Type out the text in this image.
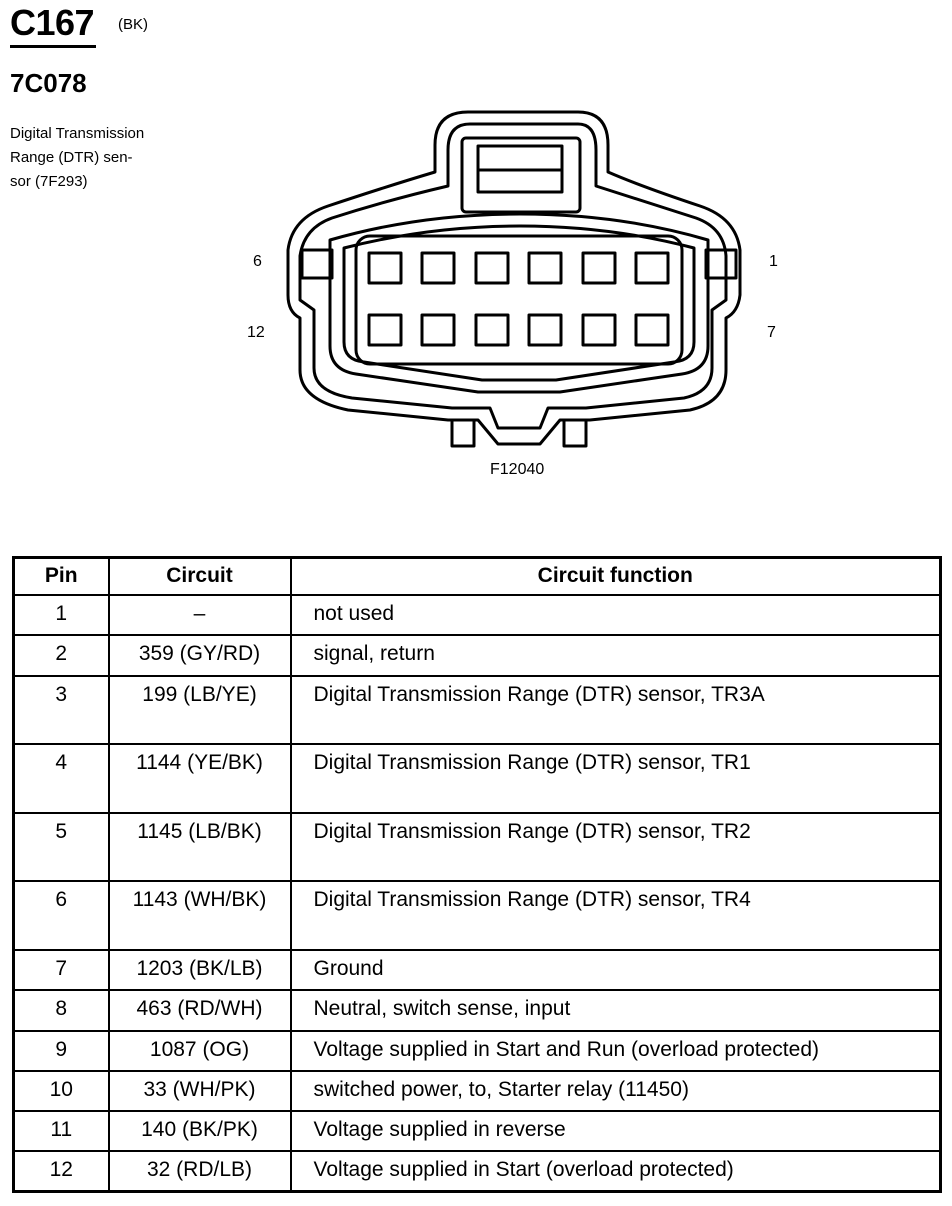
C167 (BK)
7C078
Digital Transmission
Range (DTR) sen-
sor (7F293)
6
12
1
7
F12040
Pin	Circuit	Circuit function
1	–	not used
2	359 (GY/RD)	signal, return
3	199 (LB/YE)	Digital Transmission Range (DTR) sensor, TR3A
4	1144 (YE/BK)	Digital Transmission Range (DTR) sensor, TR1
5	1145 (LB/BK)	Digital Transmission Range (DTR) sensor, TR2
6	1143 (WH/BK)	Digital Transmission Range (DTR) sensor, TR4
7	1203 (BK/LB)	Ground
8	463 (RD/WH)	Neutral, switch sense, input
9	1087 (OG)	Voltage supplied in Start and Run (overload protected)
10	33 (WH/PK)	switched power, to, Starter relay (11450)
11	140 (BK/PK)	Voltage supplied in reverse
12	32 (RD/LB)	Voltage supplied in Start (overload protected)
